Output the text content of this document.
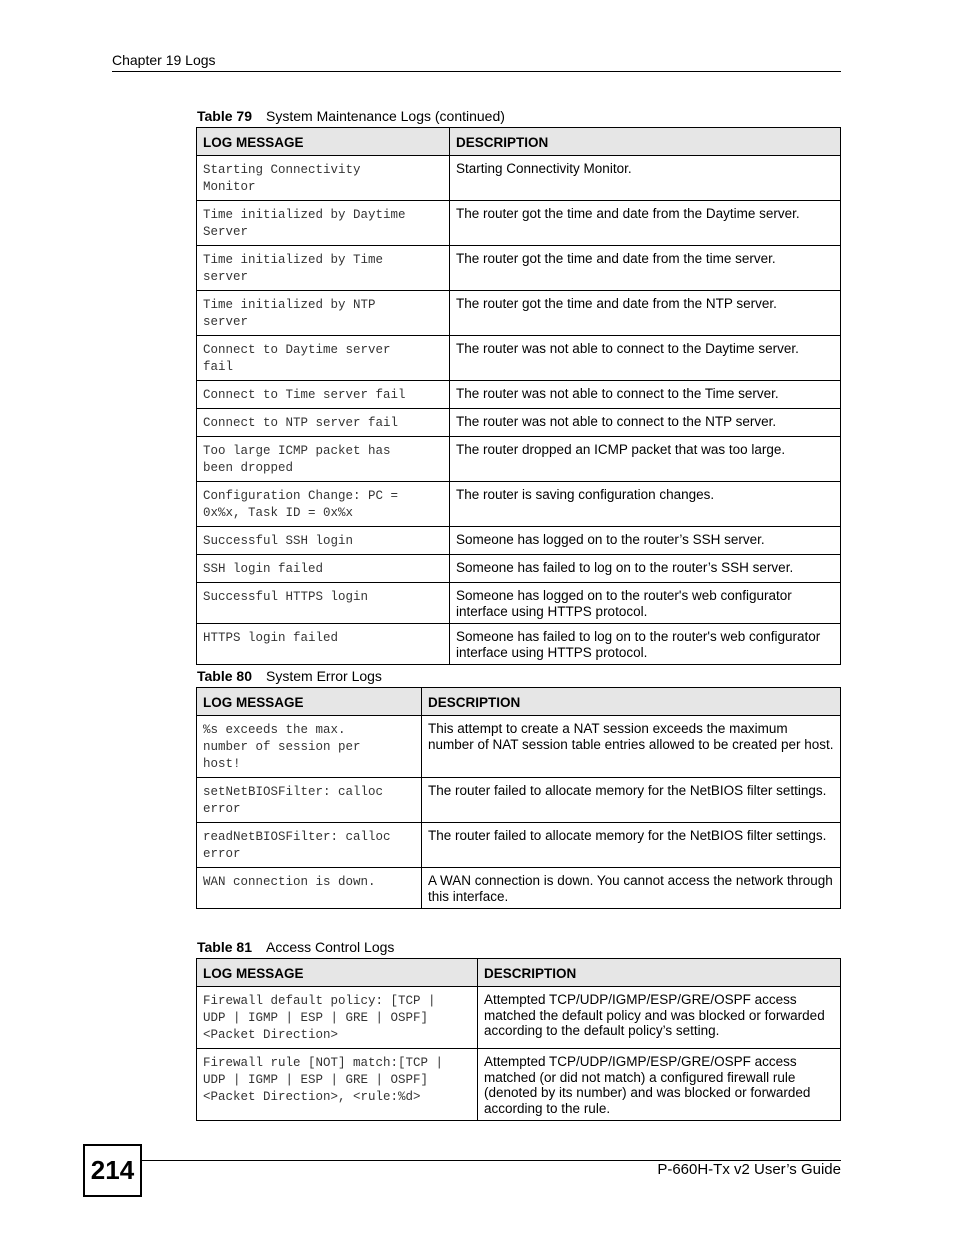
Chapter 19 Logs
Table 79 System Maintenance Logs (continued)
LOG MESSAGE	DESCRIPTION
Starting Connectivity
Monitor	Starting Connectivity Monitor.
Time initialized by Daytime
Server	The router got the time and date from the Daytime server.
Time initialized by Time
server	The router got the time and date from the time server.
Time initialized by NTP
server	The router got the time and date from the NTP server.
Connect to Daytime server
fail	The router was not able to connect to the Daytime server.
Connect to Time server fail	The router was not able to connect to the Time server.
Connect to NTP server fail	The router was not able to connect to the NTP server.
Too large ICMP packet has
been dropped	The router dropped an ICMP packet that was too large.
Configuration Change: PC =
0x%x, Task ID = 0x%x	The router is saving configuration changes.
Successful SSH login	Someone has logged on to the router’s SSH server.
SSH login failed	Someone has failed to log on to the router’s SSH server.
Successful HTTPS login	Someone has logged on to the router's web configurator interface using HTTPS protocol.
HTTPS login failed	Someone has failed to log on to the router's web configurator interface using HTTPS protocol.
Table 80 System Error Logs
LOG MESSAGE	DESCRIPTION
%s exceeds the max.
number of session per
host!	This attempt to create a NAT session exceeds the maximum number of NAT session table entries allowed to be created per host.
setNetBIOSFilter: calloc
error	The router failed to allocate memory for the NetBIOS filter settings.
readNetBIOSFilter: calloc
error	The router failed to allocate memory for the NetBIOS filter settings.
WAN connection is down.	A WAN connection is down. You cannot access the network through this interface.
Table 81 Access Control Logs
LOG MESSAGE	DESCRIPTION
Firewall default policy: [TCP |
UDP | IGMP | ESP | GRE | OSPF]
<Packet Direction>	Attempted TCP/UDP/IGMP/ESP/GRE/OSPF access matched the default policy and was blocked or forwarded according to the default policy’s setting.
Firewall rule [NOT] match:[TCP |
UDP | IGMP | ESP | GRE | OSPF]
<Packet Direction>, <rule:%d>	Attempted TCP/UDP/IGMP/ESP/GRE/OSPF access matched (or did not match) a configured firewall rule (denoted by its number) and was blocked or forwarded according to the rule.
214	P-660H-Tx v2 User’s Guide
